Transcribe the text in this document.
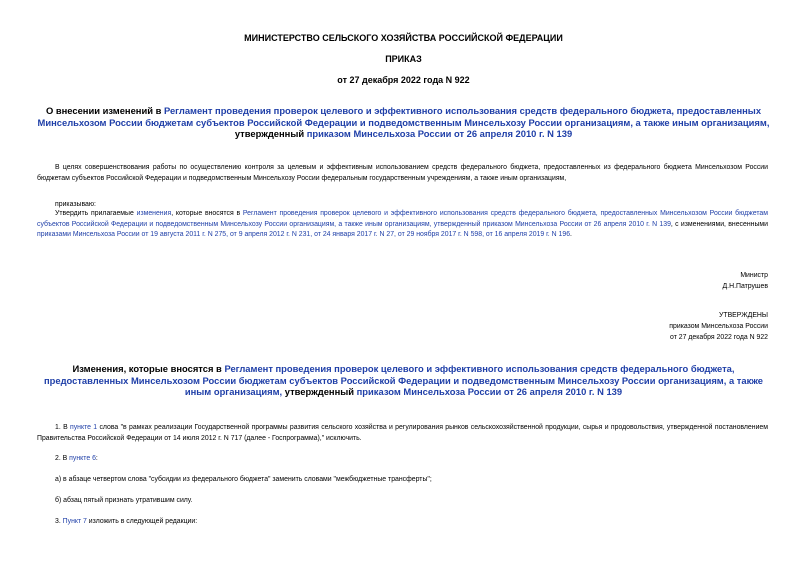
МИНИСТЕРСТВО СЕЛЬСКОГО ХОЗЯЙСТВА РОССИЙСКОЙ ФЕДЕРАЦИИ
ПРИКАЗ
от 27 декабря 2022 года N 922
О внесении изменений в Регламент проведения проверок целевого и эффективного использования средств федерального бюджета, предоставленных Минсельхозом России бюджетам субъектов Российской Федерации и подведомственным Минсельхозу России организациям, а также иным организациям, утвержденный приказом Минсельхоза России от 26 апреля 2010 г. N 139
В целях совершенствования работы по осуществлению контроля за целевым и эффективным использованием средств федерального бюджета, предоставленных из федерального бюджета Минсельхозом России бюджетам субъектов Российской Федерации и подведомственным Минсельхозу России федеральным государственным учреждениям, а также иным организациям,
приказываю:
Утвердить прилагаемые изменения, которые вносятся в Регламент проведения проверок целевого и эффективного использования средств федерального бюджета, предоставленных Минсельхозом России бюджетам субъектов Российской Федерации и подведомственным Минсельхозу России организациям, а также иным организациям, утвержденный приказом Минсельхоза России от 26 апреля 2010 г. N 139, с изменениями, внесенными приказами Минсельхоза России от 19 августа 2011 г. N 275, от 9 апреля 2012 г. N 231, от 24 января 2017 г. N 27, от 29 ноября 2017 г. N 598, от 16 апреля 2019 г. N 196.
Министр
Д.Н.Патрушев
УТВЕРЖДЕНЫ
приказом Минсельхоза России
от 27 декабря 2022 года N 922
Изменения, которые вносятся в Регламент проведения проверок целевого и эффективного использования средств федерального бюджета, предоставленных Минсельхозом России бюджетам субъектов Российской Федерации и подведомственным Минсельхозу России организациям, а также иным организациям, утвержденный приказом Минсельхоза России от 26 апреля 2010 г. N 139
1. В пункте 1 слова "в рамках реализации Государственной программы развития сельского хозяйства и регулирования рынков сельскохозяйственной продукции, сырья и продовольствия, утвержденной постановлением Правительства Российской Федерации от 14 июля 2012 г. N 717 (далее - Госпрограмма)," исключить.
2. В пункте 6:
а) в абзаце четвертом слова "субсидии из федерального бюджета" заменить словами "межбюджетные трансферты";
б) абзац пятый признать утратившим силу.
3. Пункт 7 изложить в следующей редакции:
